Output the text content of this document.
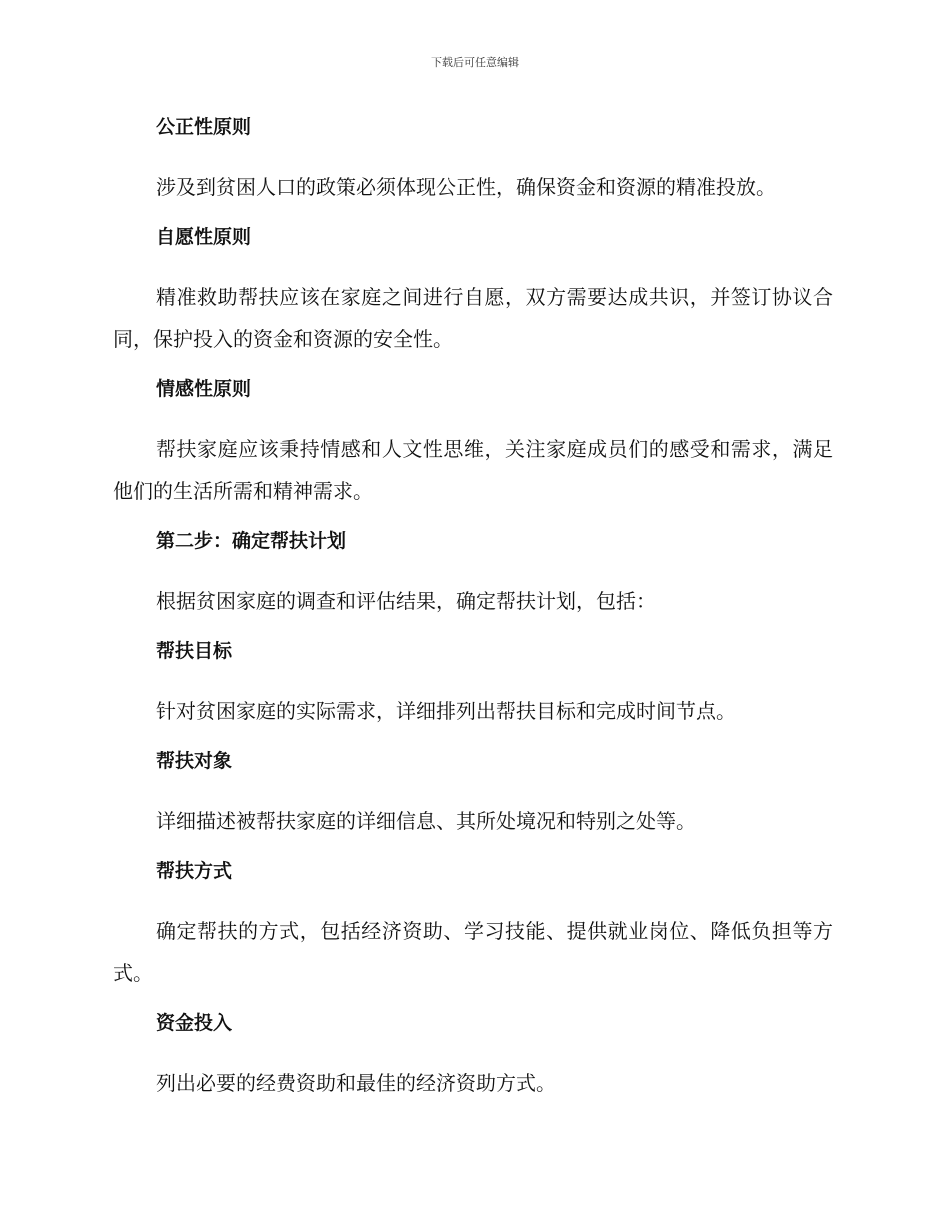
下载后可任意编辑
公正性原则

涉及到贫困人口的政策必须体现公正性，确保资金和资源的精准投放。

自愿性原则

精准救助帮扶应该在家庭之间进行自愿，双方需要达成共识，并签订协议合同，保护投入的资金和资源的安全性。

情感性原则

帮扶家庭应该秉持情感和人文性思维，关注家庭成员们的感受和需求，满足他们的生活所需和精神需求。

第二步：确定帮扶计划

根据贫困家庭的调查和评估结果，确定帮扶计划，包括：

帮扶目标

针对贫困家庭的实际需求，详细排列出帮扶目标和完成时间节点。

帮扶对象

详细描述被帮扶家庭的详细信息、其所处境况和特别之处等。

帮扶方式

确定帮扶的方式，包括经济资助、学习技能、提供就业岗位、降低负担等方式。

资金投入

列出必要的经费资助和最佳的经济资助方式。
